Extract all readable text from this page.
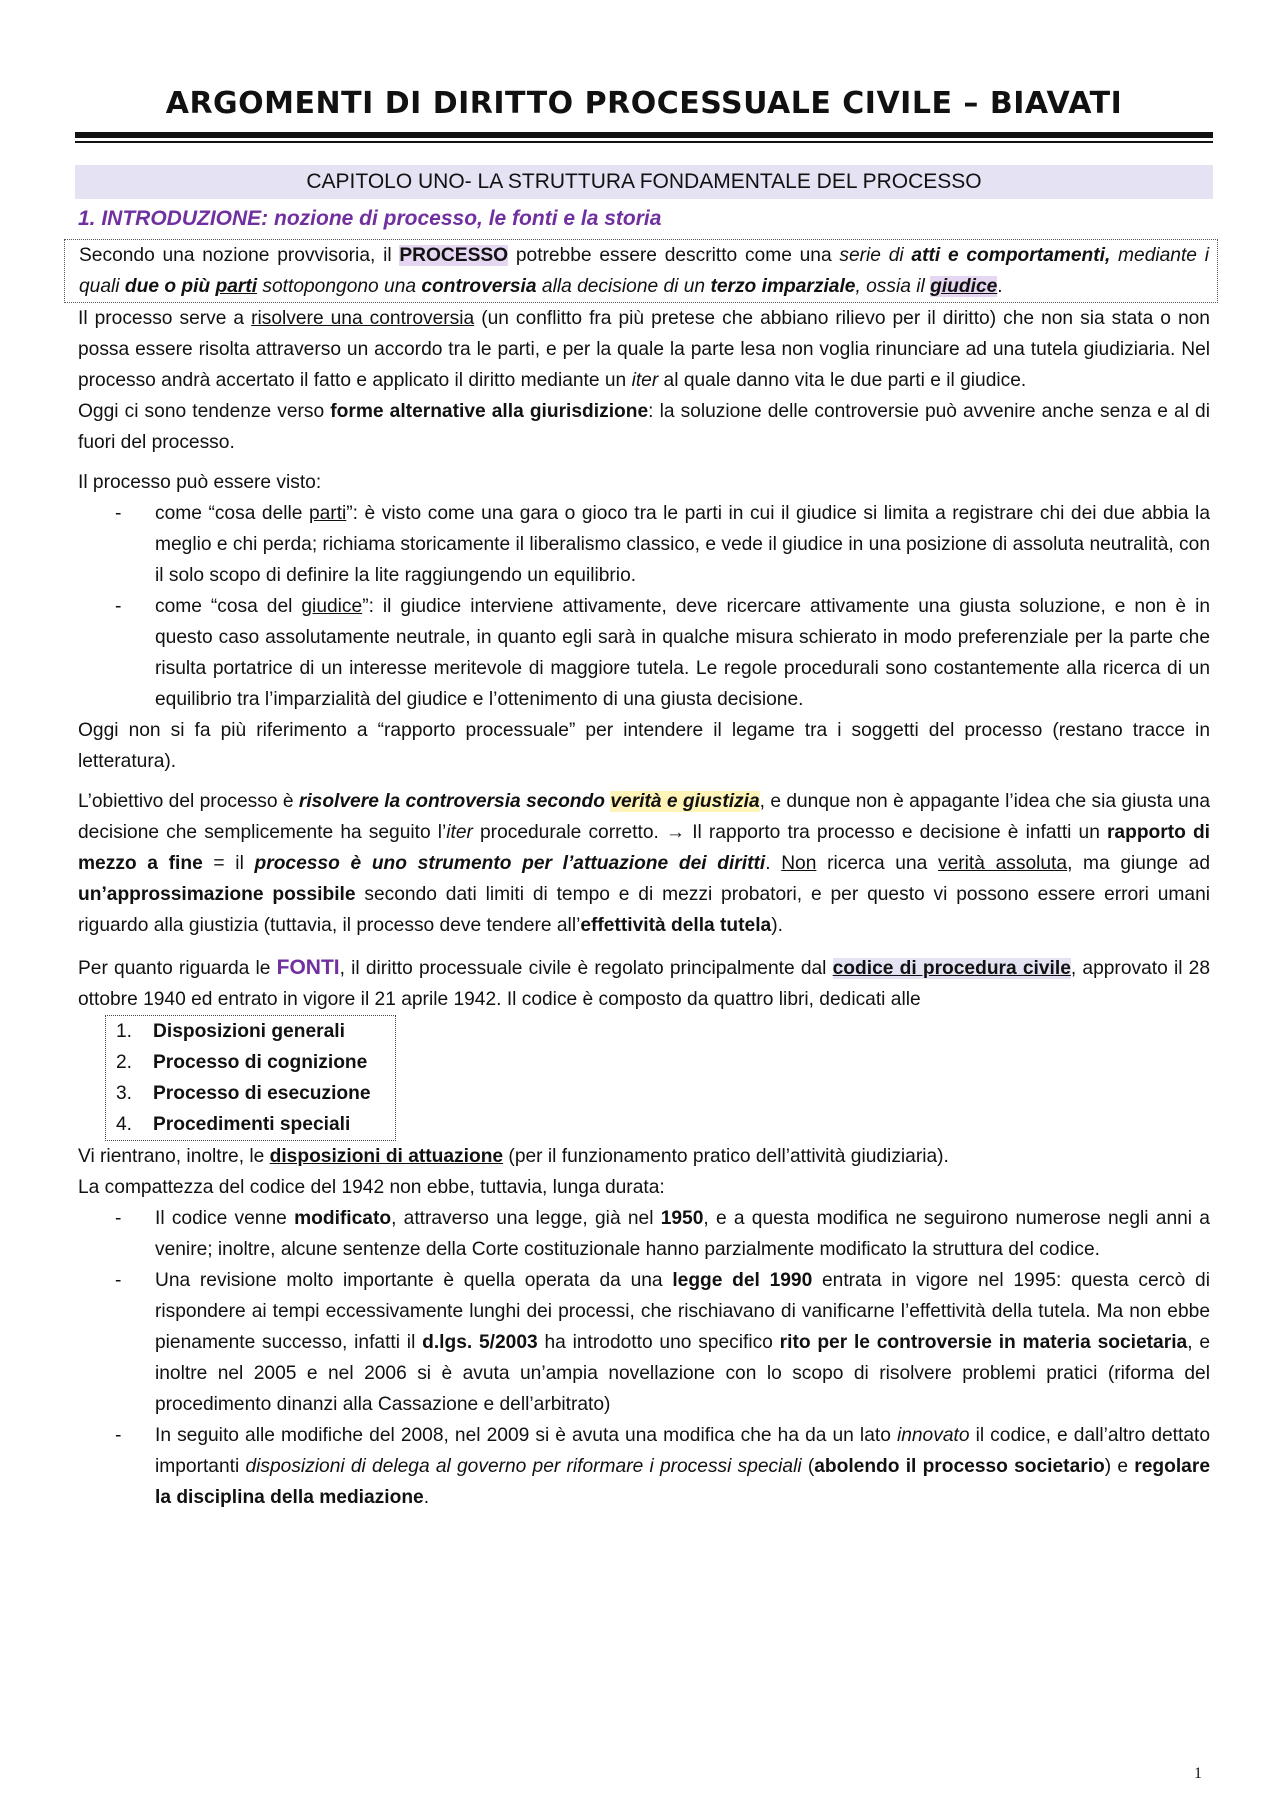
ARGOMENTI DI DIRITTO PROCESSUALE CIVILE – BIAVATI
CAPITOLO UNO- LA STRUTTURA FONDAMENTALE DEL PROCESSO
1. INTRODUZIONE: nozione di processo, le fonti e la storia

Secondo una nozione provvisoria, il PROCESSO potrebbe essere descritto come una serie di atti e comportamenti, mediante i quali due o più parti sottopongono una controversia alla decisione di un terzo imparziale, ossia il giudice.

Il processo serve a risolvere una controversia (un conflitto fra più pretese che abbiano rilievo per il diritto) che non sia stata o non possa essere risolta attraverso un accordo tra le parti, e per la quale la parte lesa non voglia rinunciare ad una tutela giudiziaria. Nel processo andrà accertato il fatto e applicato il diritto mediante un iter al quale danno vita le due parti e il giudice.

Oggi ci sono tendenze verso forme alternative alla giurisdizione: la soluzione delle controversie può avvenire anche senza e al di fuori del processo.

Il processo può essere visto:

- come “cosa delle parti”: è visto come una gara o gioco tra le parti in cui il giudice si limita a registrare chi dei due abbia la meglio e chi perda; richiama storicamente il liberalismo classico, e vede il giudice in una posizione di assoluta neutralità, con il solo scopo di definire la lite raggiungendo un equilibrio.
- come “cosa del giudice”: il giudice interviene attivamente, deve ricercare attivamente una giusta soluzione, e non è in questo caso assolutamente neutrale, in quanto egli sarà in qualche misura schierato in modo preferenziale per la parte che risulta portatrice di un interesse meritevole di maggiore tutela. Le regole procedurali sono costantemente alla ricerca di un equilibrio tra l’imparzialità del giudice e l’ottenimento di una giusta decisione.

Oggi non si fa più riferimento a “rapporto processuale” per intendere il legame tra i soggetti del processo (restano tracce in letteratura).

L’obiettivo del processo è risolvere la controversia secondo verità e giustizia, e dunque non è appagante l’idea che sia giusta una decisione che semplicemente ha seguito l’iter procedurale corretto. → Il rapporto tra processo e decisione è infatti un rapporto di mezzo a fine = il processo è uno strumento per l’attuazione dei diritti. Non ricerca una verità assoluta, ma giunge ad un’approssimazione possibile secondo dati limiti di tempo e di mezzi probatori, e per questo vi possono essere errori umani riguardo alla giustizia (tuttavia, il processo deve tendere all’effettività della tutela).

Per quanto riguarda le FONTI, il diritto processuale civile è regolato principalmente dal codice di procedura civile, approvato il 28 ottobre 1940 ed entrato in vigore il 21 aprile 1942. Il codice è composto da quattro libri, dedicati alle

1. Disposizioni generali
2. Processo di cognizione
3. Processo di esecuzione
4. Procedimenti speciali

Vi rientrano, inoltre, le disposizioni di attuazione (per il funzionamento pratico dell’attività giudiziaria).

La compattezza del codice del 1942 non ebbe, tuttavia, lunga durata:

- Il codice venne modificato, attraverso una legge, già nel 1950, e a questa modifica ne seguirono numerose negli anni a venire; inoltre, alcune sentenze della Corte costituzionale hanno parzialmente modificato la struttura del codice.
- Una revisione molto importante è quella operata da una legge del 1990 entrata in vigore nel 1995: questa cercò di rispondere ai tempi eccessivamente lunghi dei processi, che rischiavano di vanificarne l’effettività della tutela. Ma non ebbe pienamente successo, infatti il d.lgs. 5/2003 ha introdotto uno specifico rito per le controversie in materia societaria, e inoltre nel 2005 e nel 2006 si è avuta un’ampia novellazione con lo scopo di risolvere problemi pratici (riforma del procedimento dinanzi alla Cassazione e dell’arbitrato)
- In seguito alle modifiche del 2008, nel 2009 si è avuta una modifica che ha da un lato innovato il codice, e dall’altro dettato importanti disposizioni di delega al governo per riformare i processi speciali (abolendo il processo societario) e regolare la disciplina della mediazione.
1
